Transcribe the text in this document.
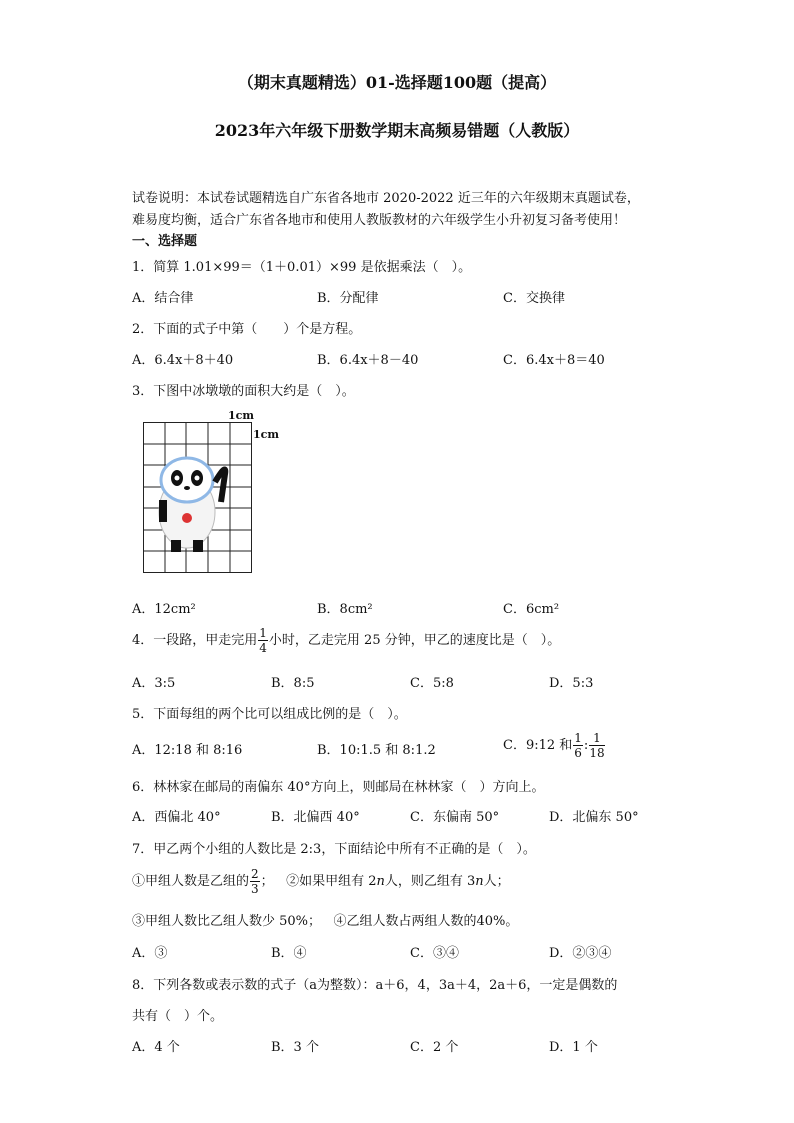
（期末真题精选）01-选择题100题（提高）
2023年六年级下册数学期末高频易错题（人教版）
试卷说明：本试卷试题精选自广东省各地市 2020-2022 近三年的六年级期末真题试卷，
难易度均衡，适合广东省各地市和使用人教版教材的六年级学生小升初复习备考使用！
一、选择题
1．简算 1.01×99＝（1＋0.01）×99 是依据乘法（　）。
A．结合律	B．分配律	C．交换律
2．下面的式子中第（　　）个是方程。
A．6.4x＋8＋40	B．6.4x＋8－40	C．6.4x＋8＝40
3．下图中冰墩墩的面积大约是（　）。
1cm
1cm
A．12cm²	B．8cm²	C．6cm²
4．一段路，甲走完用 $\frac{1}{4}$ 小时，乙走完用 25 分钟，甲乙的速度比是（　）。
A．3:5	B．8:5	C．5:8	D．5:3
5．下面每组的两个比可以组成比例的是（　）。
A．12:18 和 8:16	B．10:1.5 和 8:1.2	C．9:12 和 $\frac{1}{6}$ : $\frac{1}{18}$
6．林林家在邮局的南偏东 40°方向上，则邮局在林林家（　）方向上。
A．西偏北 40°	B．北偏西 40°	C．东偏南 50°	D．北偏东 50°
7．甲乙两个小组的人数比是 2:3，下面结论中所有不正确的是（　）。
①甲组人数是乙组的 $\frac{2}{3}$ ； ②如果甲组有 2n人，则乙组有 3n人；
③甲组人数比乙组人数少 50%； ④乙组人数占两组人数的40%。
A．③	B．④	C．③④	D．②③④
8．下列各数或表示数的式子（a为整数）：a＋6，4，3a＋4，2a＋6，一定是偶数的
共有（　）个。
A．4 个	B．3 个	C．2 个	D．1 个
